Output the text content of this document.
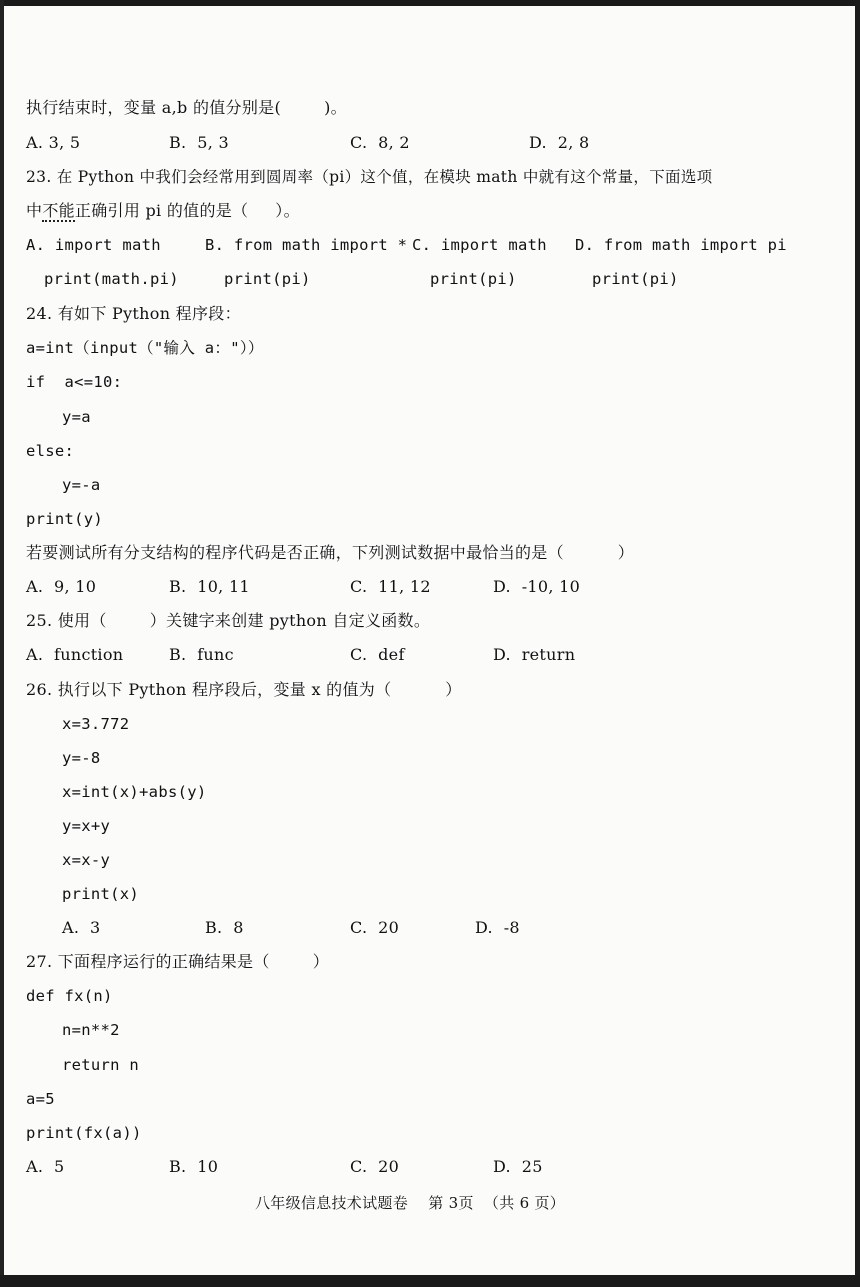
执行结束时，变量 a,b 的值分别是(        )。
A. 3, 5	B.  5, 3	C.  8, 2	D.  2, 8
23. 在 Python 中我们会经常用到圆周率（pi）这个值，在模块 math 中就有这个常量，下面选项
中不能正确引用 pi 的值的是（     ）。
A. import math	B. from math import * C. import math D. from math import pi
print(math.pi)	print(pi)	print(pi)	print(pi)
24. 有如下 Python 程序段：
a=int（input（"输入 a："））
if  a<=10:
y=a
else:
y=-a
print(y)
若要测试所有分支结构的程序代码是否正确，下列测试数据中最恰当的是（          ）
A.  9, 10	B.  10, 11	C.  11, 12	D.  -10, 10
25. 使用（        ）关键字来创建 python 自定义函数。
A.  function	B.  func	C.  def	D.  return
26. 执行以下 Python 程序段后，变量 x 的值为（          ）
x=3.772
y=-8
x=int(x)+abs(y)
y=x+y
x=x-y
print(x)
A.  3	B.  8	C.  20	D.  -8
27. 下面程序运行的正确结果是（        ）
def fx(n)
n=n**2
return n
a=5
print(fx(a))
A.  5	B.  10	C.  20	D.  25
八年级信息技术试题卷    第 3页  （共 6 页）
